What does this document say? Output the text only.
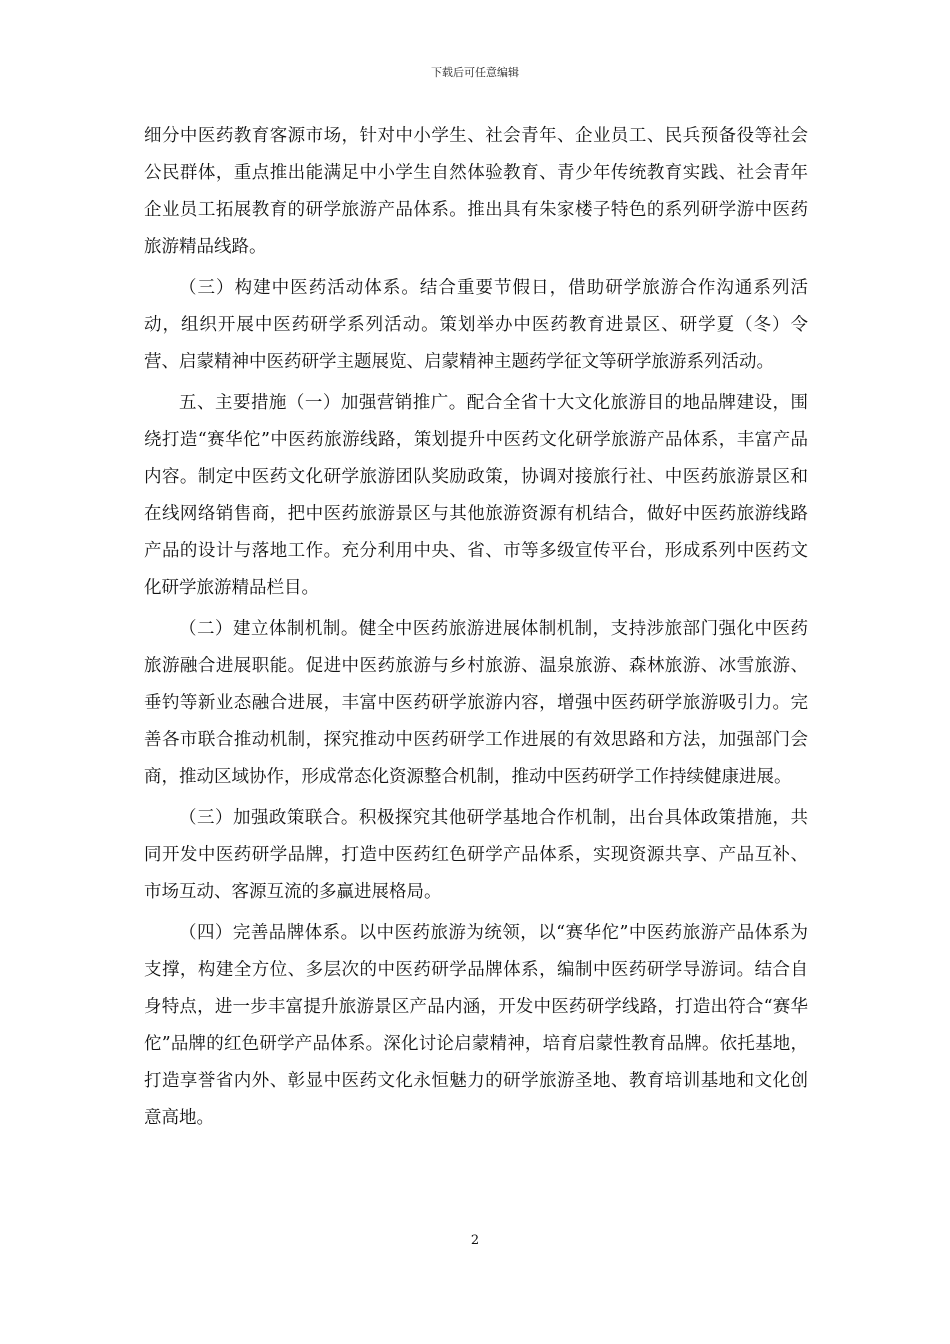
下载后可任意编辑

细分中医药教育客源市场，针对中小学生、社会青年、企业员工、民兵预备役等社会公民群体，重点推出能满足中小学生自然体验教育、青少年传统教育实践、社会青年企业员工拓展教育的研学旅游产品体系。推出具有朱家楼子特色的系列研学游中医药旅游精品线路。

（三）构建中医药活动体系。结合重要节假日，借助研学旅游合作沟通系列活动，组织开展中医药研学系列活动。策划举办中医药教育进景区、研学夏（冬）令营、启蒙精神中医药研学主题展览、启蒙精神主题药学征文等研学旅游系列活动。

五、主要措施（一）加强营销推广。配合全省十大文化旅游目的地品牌建设，围绕打造“赛华佗”中医药旅游线路，策划提升中医药文化研学旅游产品体系，丰富产品内容。制定中医药文化研学旅游团队奖励政策，协调对接旅行社、中医药旅游景区和在线网络销售商，把中医药旅游景区与其他旅游资源有机结合，做好中医药旅游线路产品的设计与落地工作。充分利用中央、省、市等多级宣传平台，形成系列中医药文化研学旅游精品栏目。

（二）建立体制机制。健全中医药旅游进展体制机制，支持涉旅部门强化中医药旅游融合进展职能。促进中医药旅游与乡村旅游、温泉旅游、森林旅游、冰雪旅游、垂钓等新业态融合进展，丰富中医药研学旅游内容，增强中医药研学旅游吸引力。完善各市联合推动机制，探究推动中医药研学工作进展的有效思路和方法，加强部门会商，推动区域协作，形成常态化资源整合机制，推动中医药研学工作持续健康进展。

（三）加强政策联合。积极探究其他研学基地合作机制，出台具体政策措施，共同开发中医药研学品牌，打造中医药红色研学产品体系，实现资源共享、产品互补、市场互动、客源互流的多赢进展格局。

（四）完善品牌体系。以中医药旅游为统领，以“赛华佗”中医药旅游产品体系为支撑，构建全方位、多层次的中医药研学品牌体系，编制中医药研学导游词。结合自身特点，进一步丰富提升旅游景区产品内涵，开发中医药研学线路，打造出符合“赛华佗”品牌的红色研学产品体系。深化讨论启蒙精神，培育启蒙性教育品牌。依托基地，打造享誉省内外、彰显中医药文化永恒魅力的研学旅游圣地、教育培训基地和文化创意高地。

2
